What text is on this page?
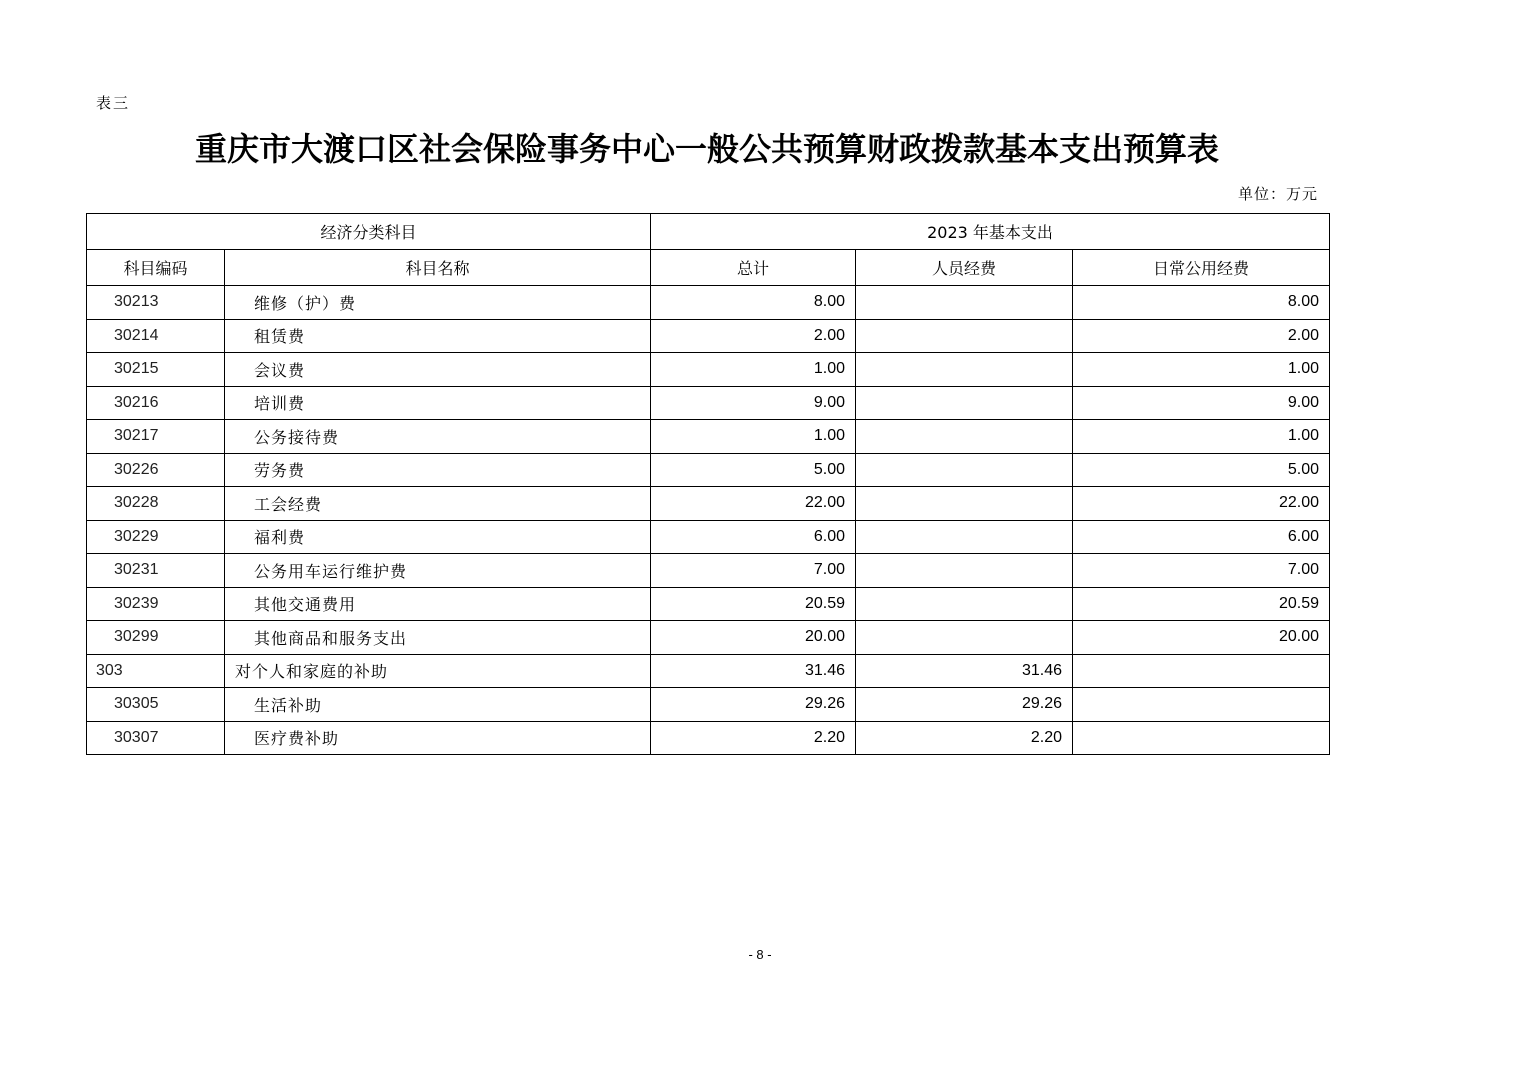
表三
重庆市大渡口区社会保险事务中心一般公共预算财政拨款基本支出预算表
单位：万元
经济分类科目		2023 年基本支出		
科目编码	科目名称	总计	人员经费	日常公用经费
30213	维修（护）费	8.00		8.00
30214	租赁费	2.00		2.00
30215	会议费	1.00		1.00
30216	培训费	9.00		9.00
30217	公务接待费	1.00		1.00
30226	劳务费	5.00		5.00
30228	工会经费	22.00		22.00
30229	福利费	6.00		6.00
30231	公务用车运行维护费	7.00		7.00
30239	其他交通费用	20.59		20.59
30299	其他商品和服务支出	20.00		20.00
303	对个人和家庭的补助	31.46	31.46	
30305	生活补助	29.26	29.26	
30307	医疗费补助	2.20	2.20	
- 8 -
